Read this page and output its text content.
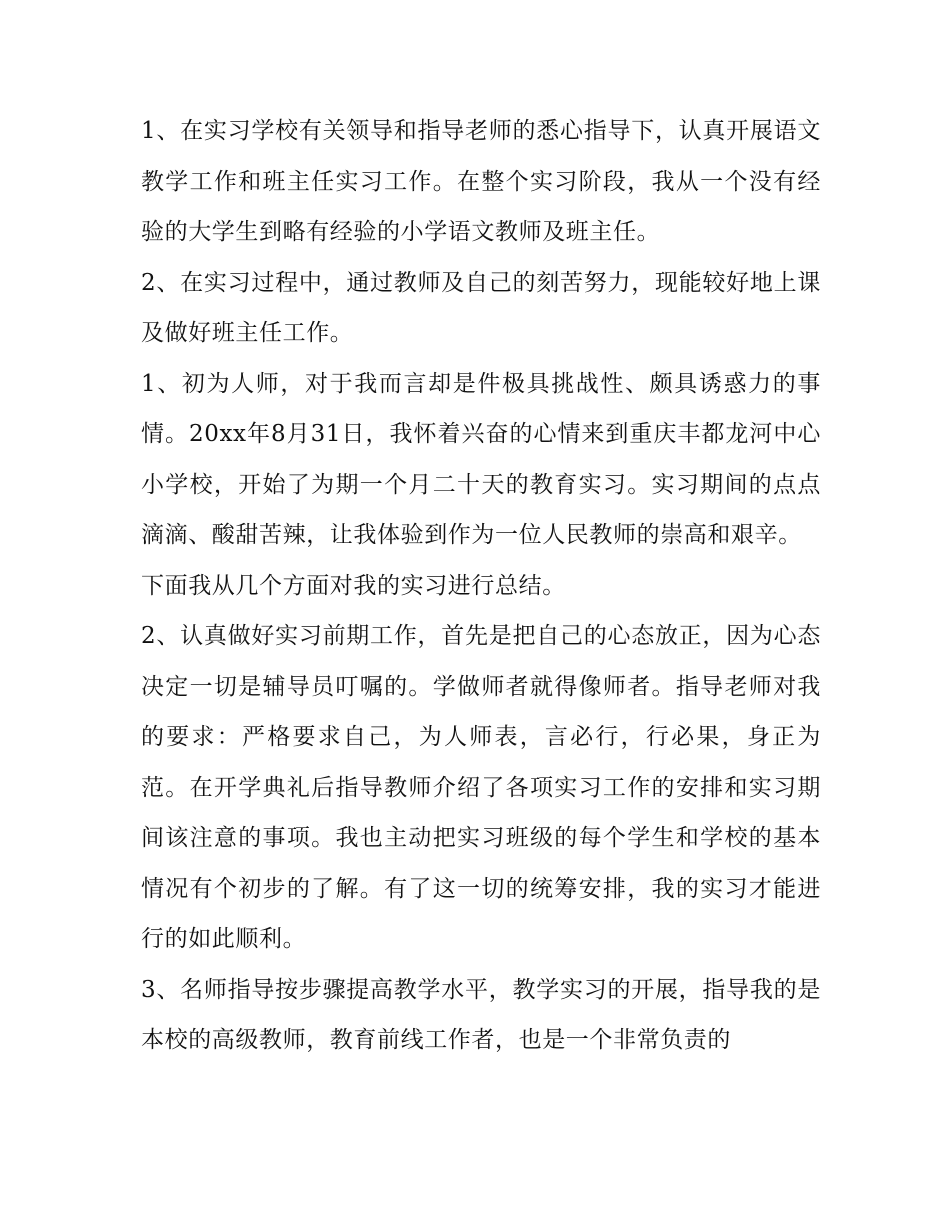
1、在实习学校有关领导和指导老师的悉心指导下，认真开展语文教学工作和班主任实习工作。在整个实习阶段，我从一个没有经验的大学生到略有经验的小学语文教师及班主任。

2、在实习过程中，通过教师及自己的刻苦努力，现能较好地上课及做好班主任工作。

1、初为人师，对于我而言却是件极具挑战性、颇具诱惑力的事情。20xx年8月31日，我怀着兴奋的心情来到重庆丰都龙河中心小学校，开始了为期一个月二十天的教育实习。实习期间的点点滴滴、酸甜苦辣，让我体验到作为一位人民教师的崇高和艰辛。

下面我从几个方面对我的实习进行总结。

2、认真做好实习前期工作，首先是把自己的心态放正，因为心态决定一切是辅导员叮嘱的。学做师者就得像师者。指导老师对我的要求：严格要求自己，为人师表，言必行，行必果，身正为范。在开学典礼后指导教师介绍了各项实习工作的安排和实习期间该注意的事项。我也主动把实习班级的每个学生和学校的基本情况有个初步的了解。有了这一切的统筹安排，我的实习才能进行的如此顺利。

3、名师指导按步骤提高教学水平，教学实习的开展，指导我的是本校的高级教师，教育前线工作者，也是一个非常负责的
